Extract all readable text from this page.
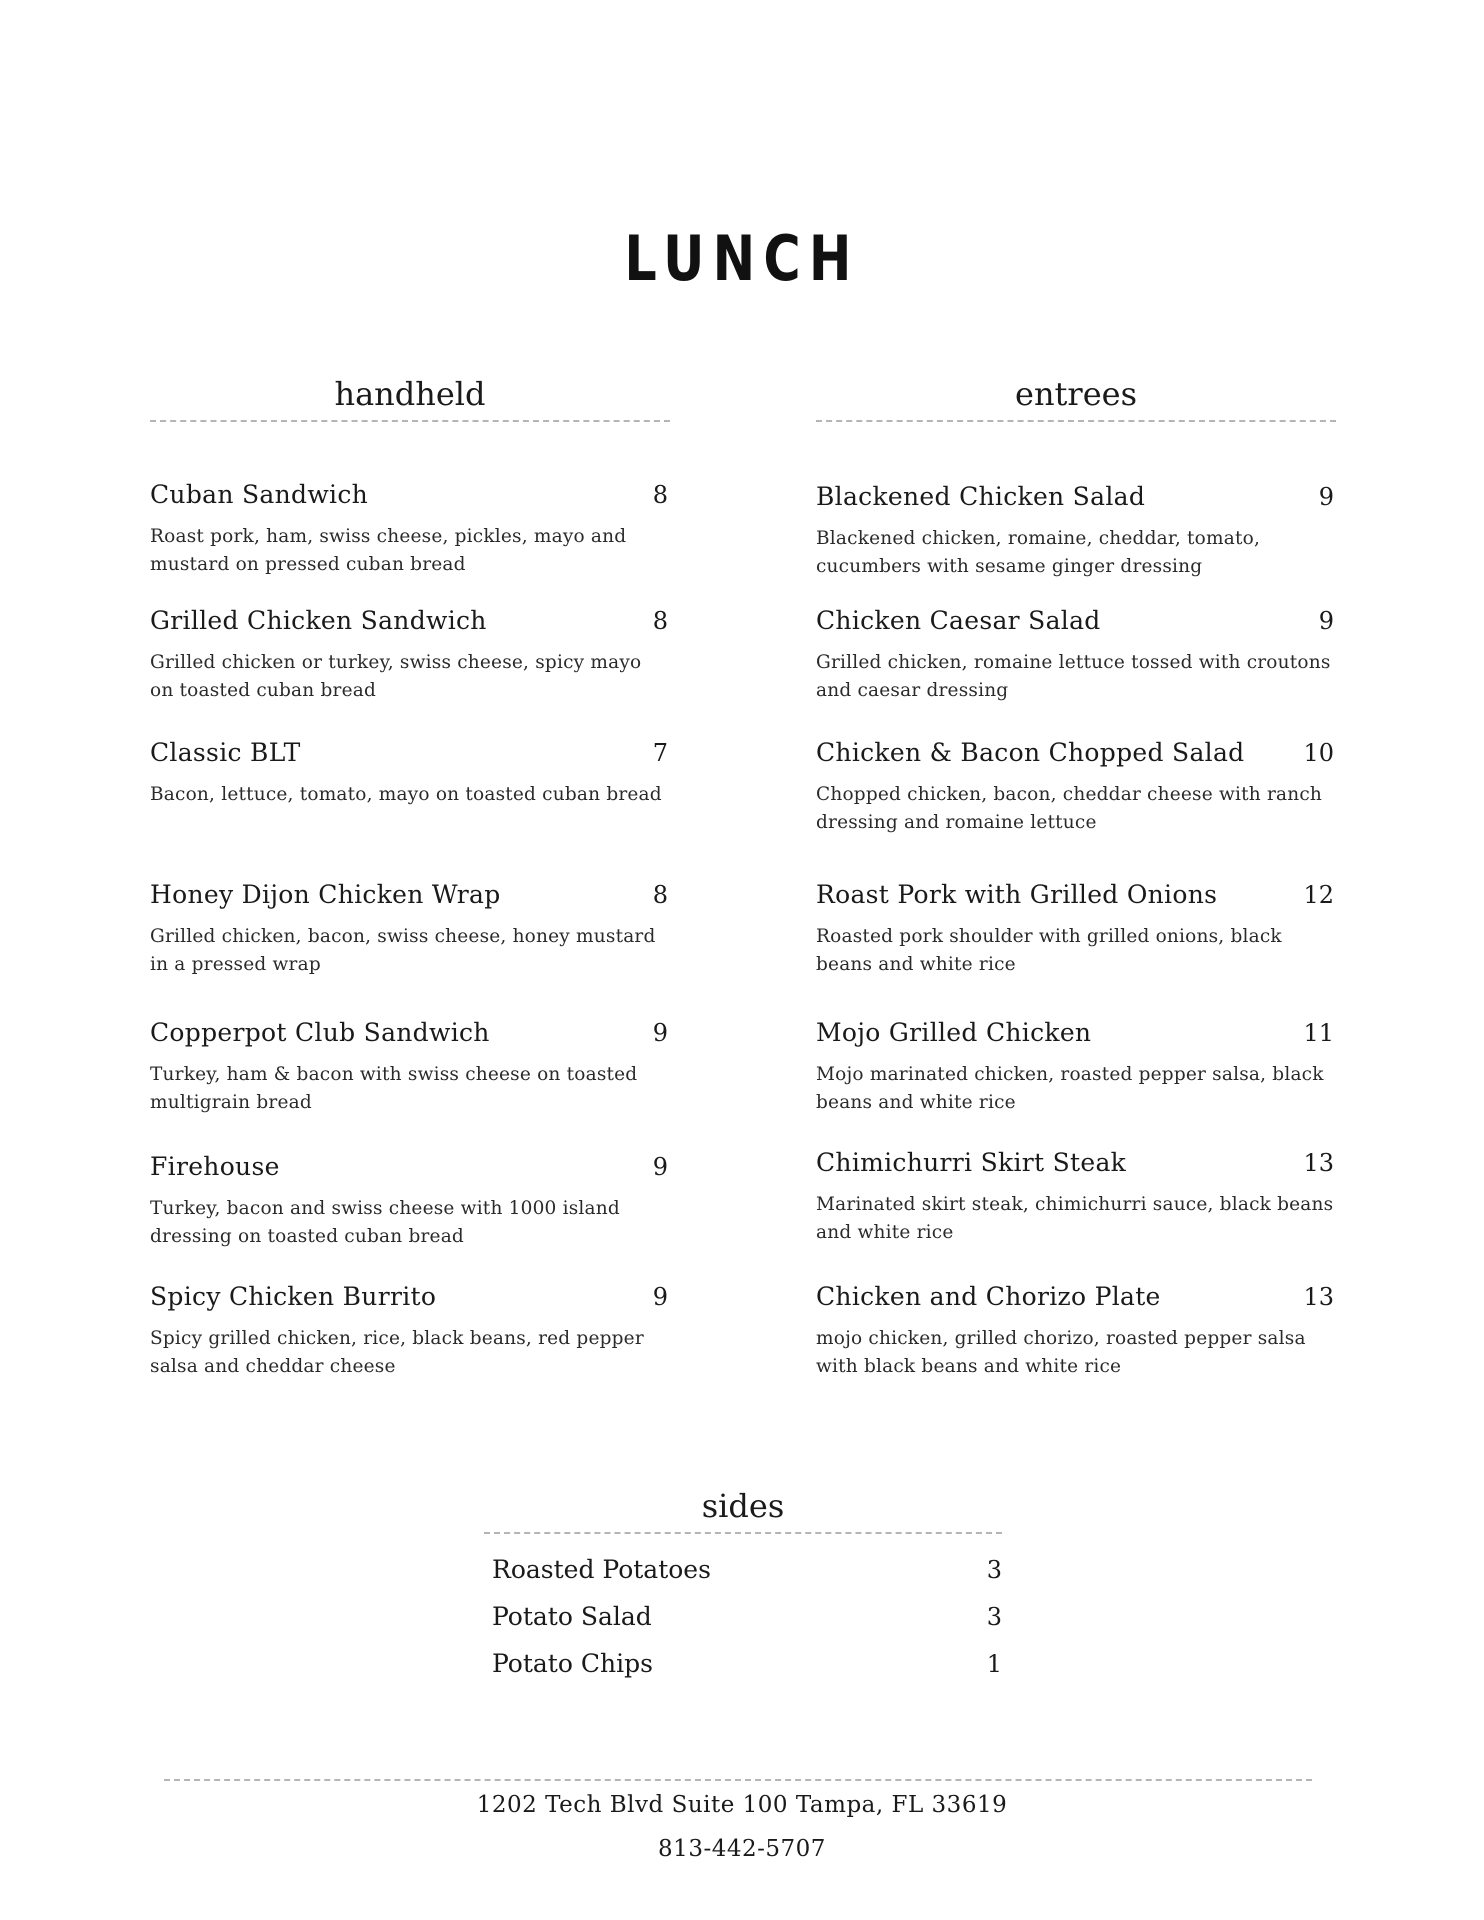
LUNCH
handheld
Cuban Sandwich	8
Roast pork, ham, swiss cheese, pickles, mayo and mustard on pressed cuban bread
Grilled Chicken Sandwich	8
Grilled chicken or turkey, swiss cheese, spicy mayo on toasted cuban bread
Classic BLT	7
Bacon, lettuce, tomato, mayo on toasted cuban bread
Honey Dijon Chicken Wrap	8
Grilled chicken, bacon, swiss cheese, honey mustard in a pressed wrap
Copperpot Club Sandwich	9
Turkey, ham & bacon with swiss cheese on toasted multigrain bread
Firehouse	9
Turkey, bacon and swiss cheese with 1000 island dressing on toasted cuban bread
Spicy Chicken Burrito	9
Spicy grilled chicken, rice, black beans, red pepper salsa and cheddar cheese
entrees
Blackened Chicken Salad	9
Blackened chicken, romaine, cheddar, tomato, cucumbers with sesame ginger dressing
Chicken Caesar Salad	9
Grilled chicken, romaine lettuce tossed with croutons and caesar dressing
Chicken & Bacon Chopped Salad 10
Chopped chicken, bacon, cheddar cheese with ranch dressing and romaine lettuce
Roast Pork with Grilled Onions	12
Roasted pork shoulder with grilled onions, black beans and white rice
Mojo Grilled Chicken	11
Mojo marinated chicken, roasted pepper salsa, black beans and white rice
Chimichurri Skirt Steak	13
Marinated skirt steak, chimichurri sauce, black beans and white rice
Chicken and Chorizo Plate	13
mojo chicken, grilled chorizo, roasted pepper salsa with black beans and white rice
sides
Roasted Potatoes	3
Potato Salad	3
Potato Chips	1
1202 Tech Blvd Suite 100 Tampa, FL 33619
813-442-5707
